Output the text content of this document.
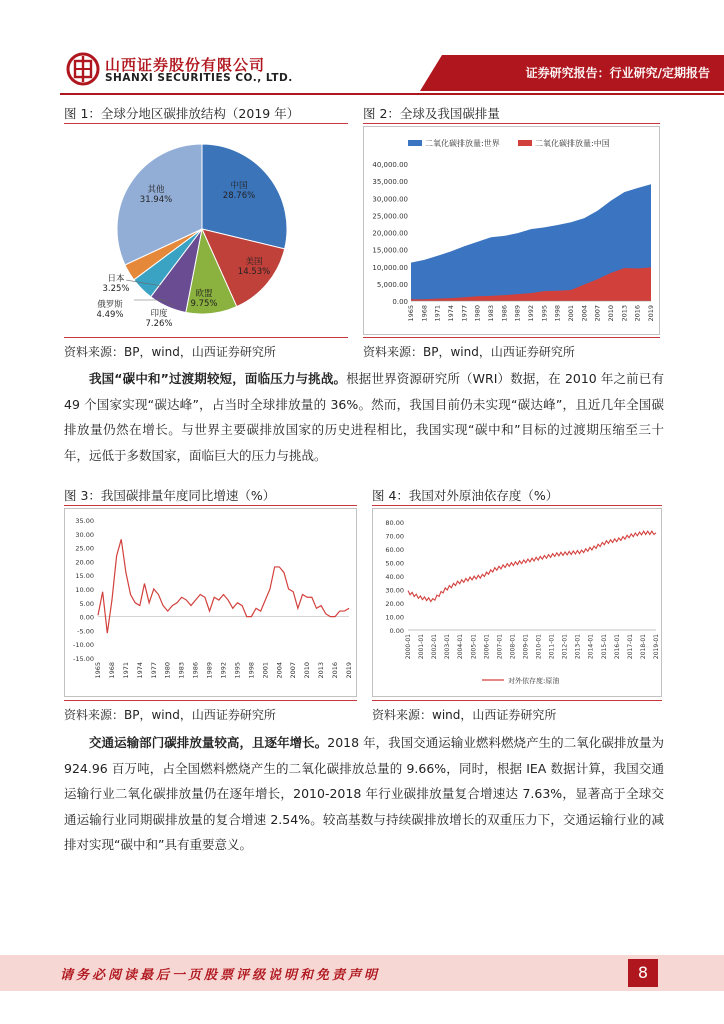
山西证券股份有限公司
SHANXI SECURITIES CO., LTD.	证券研究报告：行业研究/定期报告
图 1：全球分地区碳排放结构（2019 年）
中国
28.76%
美国
14.53%
欧盟
9.75%
印度
7.26%
俄罗斯
4.49%
日本
3.25%
其他
31.94%
资料来源：BP，wind，山西证券研究所
图 2：全球及我国碳排量
二氧化碳排放量:世界	二氧化碳排放量:中国
0.00
5,000.00
10,000.00
15,000.00
20,000.00
25,000.00
30,000.00
35,000.00
40,000.00
1965 1968 1971 1974 1977 1980 1983 1986 1989 1992 1995 1998 2001 2004 2007 2010 2013 2016 2019
资料来源：BP，wind，山西证券研究所
我国“碳中和”过渡期较短，面临压力与挑战。根据世界资源研究所（WRI）数据，在 2010 年之前已有 49 个国家实现“碳达峰”，占当时全球排放量的 36%。然而，我国目前仍未实现“碳达峰”，且近几年全国碳排放量仍然在增长。与世界主要碳排放国家的历史进程相比，我国实现“碳中和”目标的过渡期压缩至三十年，远低于多数国家，面临巨大的压力与挑战。
图 3：我国碳排量年度同比增速（%）
-15.00
-10.00
-5.00
0.00
5.00
10.00
15.00
20.00
25.00
30.00
35.00
1965 1968 1971 1974 1977 1980 1983 1986 1989 1992 1995 1998 2001 2004 2007 2010 2013 2016 2019
资料来源：BP，wind，山西证券研究所
图 4：我国对外原油依存度（%）
0.00
10.00
20.00
30.00
40.00
50.00
60.00
70.00
80.00
2000-01 2001-01 2002-01 2003-01 2004-01 2005-01 2006-01 2007-01 2008-01 2009-01 2010-01 2011-01 2012-01 2013-01 2014-01 2015-01 2016-01 2017-01 2018-01 2019-01
对外依存度:原油
资料来源：wind，山西证券研究所
交通运输部门碳排放量较高，且逐年增长。2018 年，我国交通运输业燃料燃烧产生的二氧化碳排放量为 924.96 百万吨，占全国燃料燃烧产生的二氧化碳排放总量的 9.66%，同时，根据 IEA 数据计算，我国交通运输行业二氧化碳排放量仍在逐年增长，2010-2018 年行业碳排放量复合增速达 7.63%，显著高于全球交通运输行业同期碳排放量的复合增速 2.54%。较高基数与持续碳排放增长的双重压力下，交通运输行业的减排对实现“碳中和”具有重要意义。
请务必阅读最后一页股票评级说明和免责声明	8
